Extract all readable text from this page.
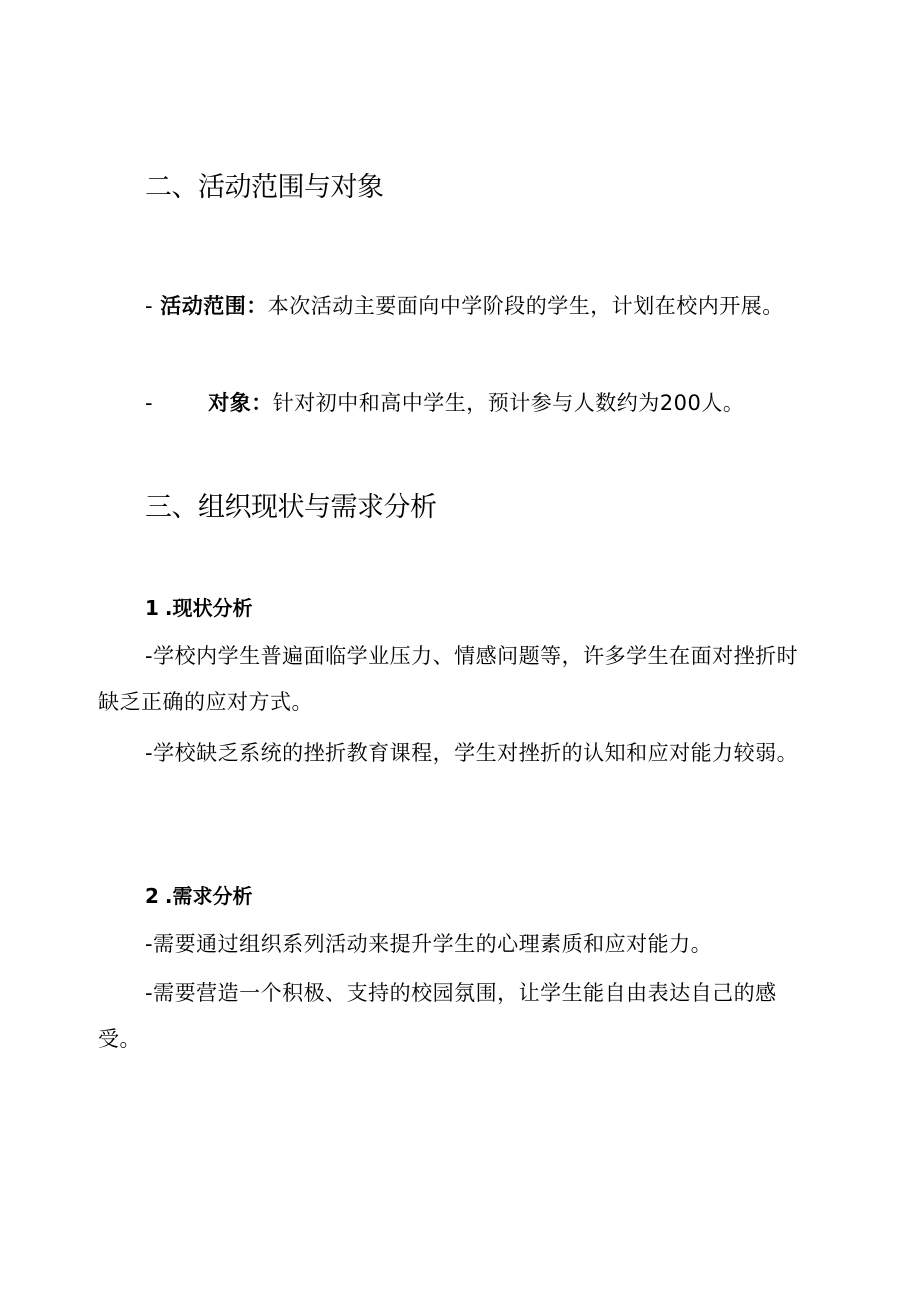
二、活动范围与对象

- 活动范围：本次活动主要面向中学阶段的学生，计划在校内开展。

-	对象：针对初中和高中学生，预计参与人数约为200人。

三、组织现状与需求分析
1 .现状分析

-学校内学生普遍面临学业压力、情感问题等，许多学生在面对挫折时缺乏正确的应对方式。

-学校缺乏系统的挫折教育课程，学生对挫折的认知和应对能力较弱。

2 .需求分析

-需要通过组织系列活动来提升学生的心理素质和应对能力。

-需要营造一个积极、支持的校园氛围，让学生能自由表达自己的感受。
